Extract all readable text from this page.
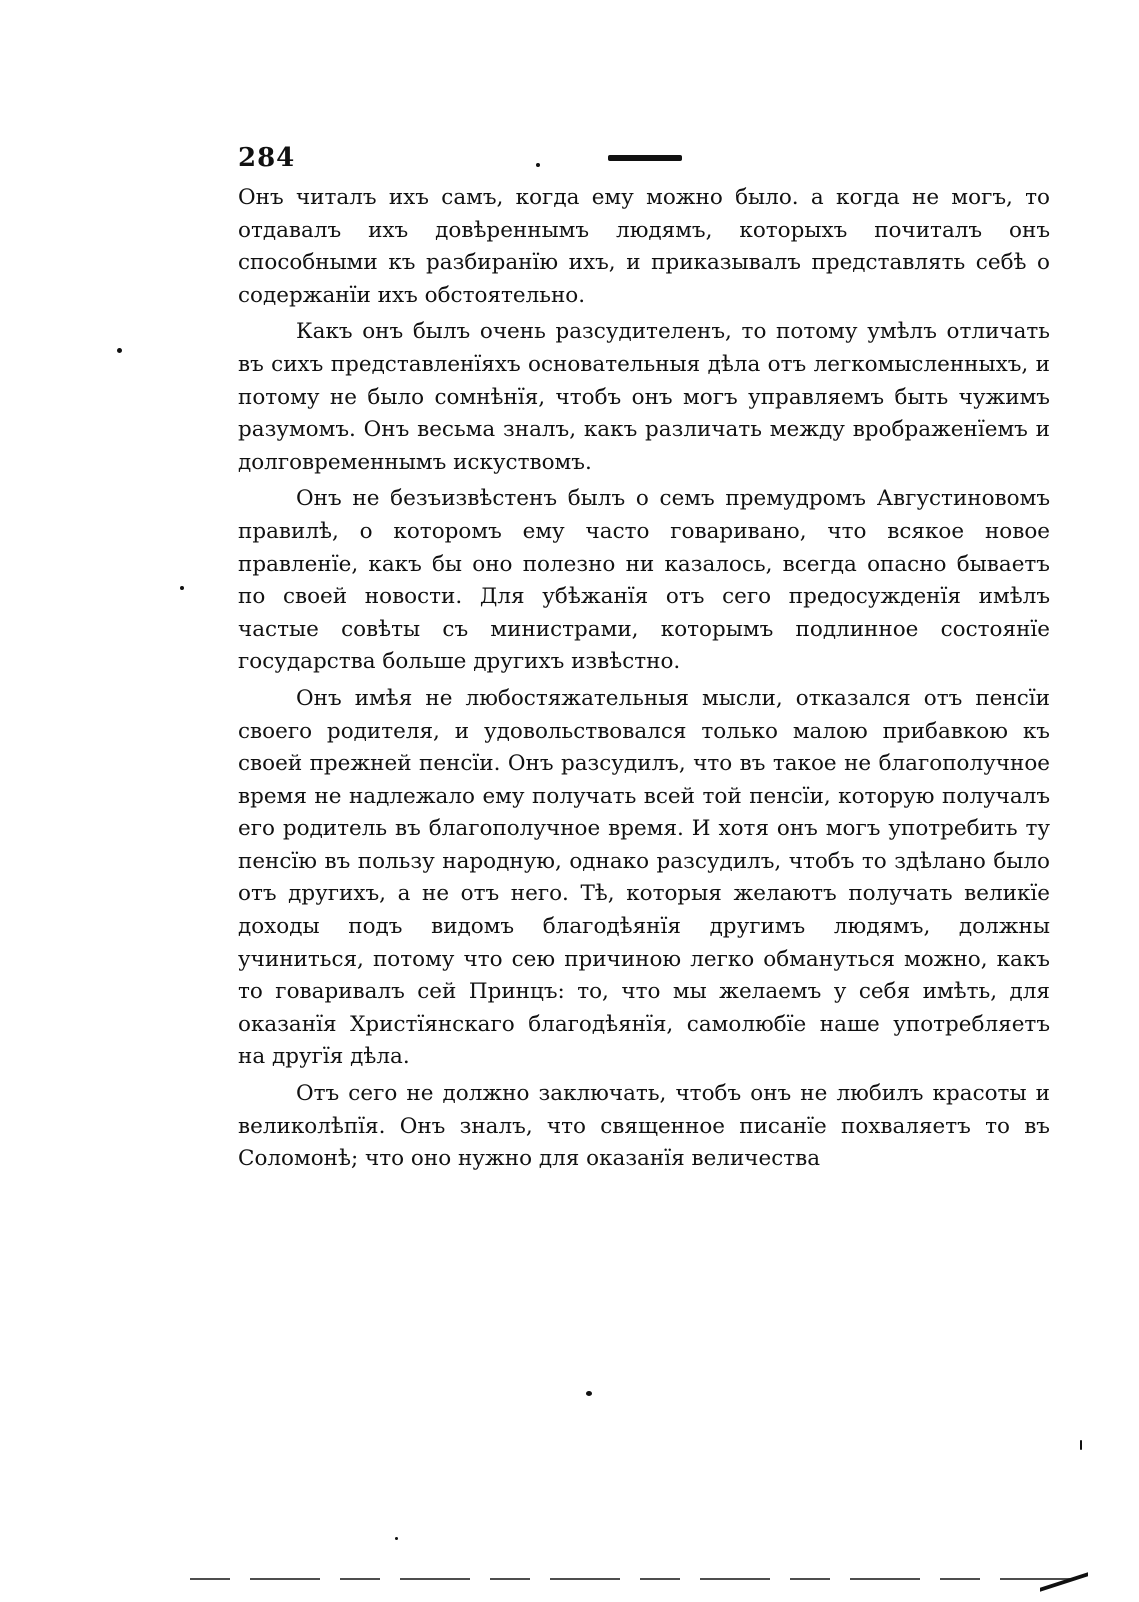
284

Онъ читалъ ихъ самъ, когда ему можно было. а когда не могъ, то отдавалъ ихъ довѣреннымъ людямъ, которыхъ почиталъ онъ способными къ разбиранїю ихъ, и приказывалъ представлять себѣ о содержанїи ихъ обстоятельно.

Какъ онъ былъ очень разсудителенъ, то потому умѣлъ отличать въ сихъ представленїяхъ основательныя дѣла отъ легкомысленныхъ, и потому не было сомнѣнїя, чтобъ онъ могъ управляемъ быть чужимъ разумомъ. Онъ весьма зналъ, какъ различать между врображенїемъ и долговременнымъ искуствомъ.

Онъ не безъизвѣстенъ былъ о семъ премудромъ Августиновомъ правилѣ, о которомъ ему часто говаривано, что всякое новое правленїе, какъ бы оно полезно ни казалось, всегда опасно бываетъ по своей новости. Для убѣжанїя отъ сего предосужденїя имѣлъ частые совѣты съ министрами, которымъ подлинное состоянїе государства больше другихъ извѣстно.

Онъ имѣя не любостяжательныя мысли, отказался отъ пенсїи своего родителя, и удовольствовался только малою прибавкою къ своей прежней пенсїи. Онъ разсудилъ, что въ такое не благополучное время не надлежало ему получать всей той пенсїи, которую получалъ его родитель въ благополучное время. И хотя онъ могъ употребить ту пенсїю въ пользу народную, однако разсудилъ, чтобъ то здѣлано было отъ другихъ, а не отъ него. Тѣ, которыя желаютъ получать великїе доходы подъ видомъ благодѣянїя другимъ людямъ, должны учиниться, потому что сею причиною легко обмануться можно, какъ то говаривалъ сей Принцъ: то, что мы желаемъ у себя имѣть, для оказанїя Христїянскаго благодѣянїя, самолюбїе наше употребляетъ на другїя дѣла.

Отъ сего не должно заключать, чтобъ онъ не любилъ красоты и великолѣпїя. Онъ зналъ, что священное писанїе похваляетъ то въ Соломонѣ; что оно нужно для оказанїя величества
